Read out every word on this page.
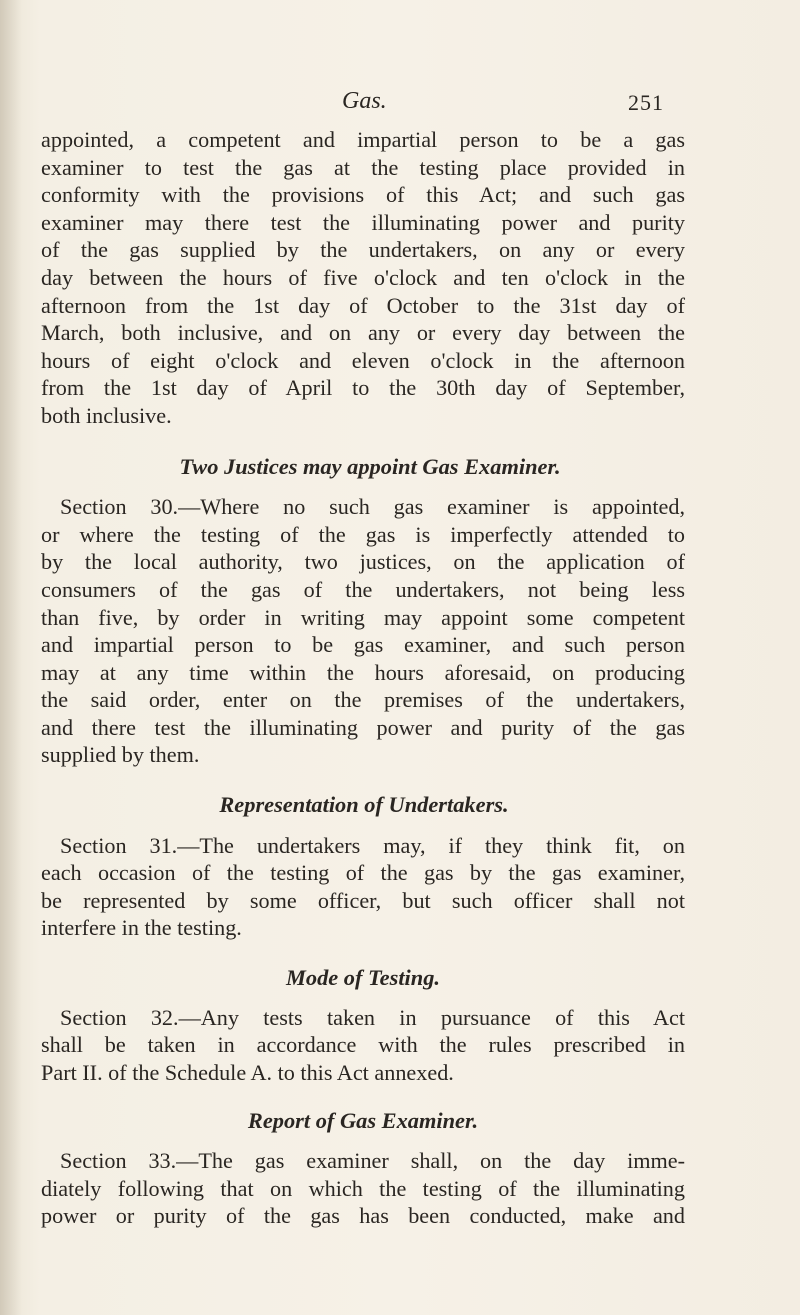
Gas.	251

appointed, a competent and impartial person to be a gas
examiner to test the gas at the testing place provided in
conformity with the provisions of this Act; and such gas
examiner may there test the illuminating power and purity
of the gas supplied by the undertakers, on any or every
day between the hours of five o'clock and ten o'clock in the
afternoon from the 1st day of October to the 31st day of
March, both inclusive, and on any or every day between the
hours of eight o'clock and eleven o'clock in the afternoon
from the 1st day of April to the 30th day of September,
both inclusive.

Two Justices may appoint Gas Examiner.

Section 30.—Where no such gas examiner is appointed,
or where the testing of the gas is imperfectly attended to
by the local authority, two justices, on the application of
consumers of the gas of the undertakers, not being less
than five, by order in writing may appoint some competent
and impartial person to be gas examiner, and such person
may at any time within the hours aforesaid, on producing
the said order, enter on the premises of the undertakers,
and there test the illuminating power and purity of the gas
supplied by them.

Representation of Undertakers.

Section 31.—The undertakers may, if they think fit, on
each occasion of the testing of the gas by the gas examiner,
be represented by some officer, but such officer shall not
interfere in the testing.

Mode of Testing.

Section 32.—Any tests taken in pursuance of this Act
shall be taken in accordance with the rules prescribed in
Part II. of the Schedule A. to this Act annexed.

Report of Gas Examiner.

Section 33.—The gas examiner shall, on the day imme-
diately following that on which the testing of the illuminating
power or purity of the gas has been conducted, make and
